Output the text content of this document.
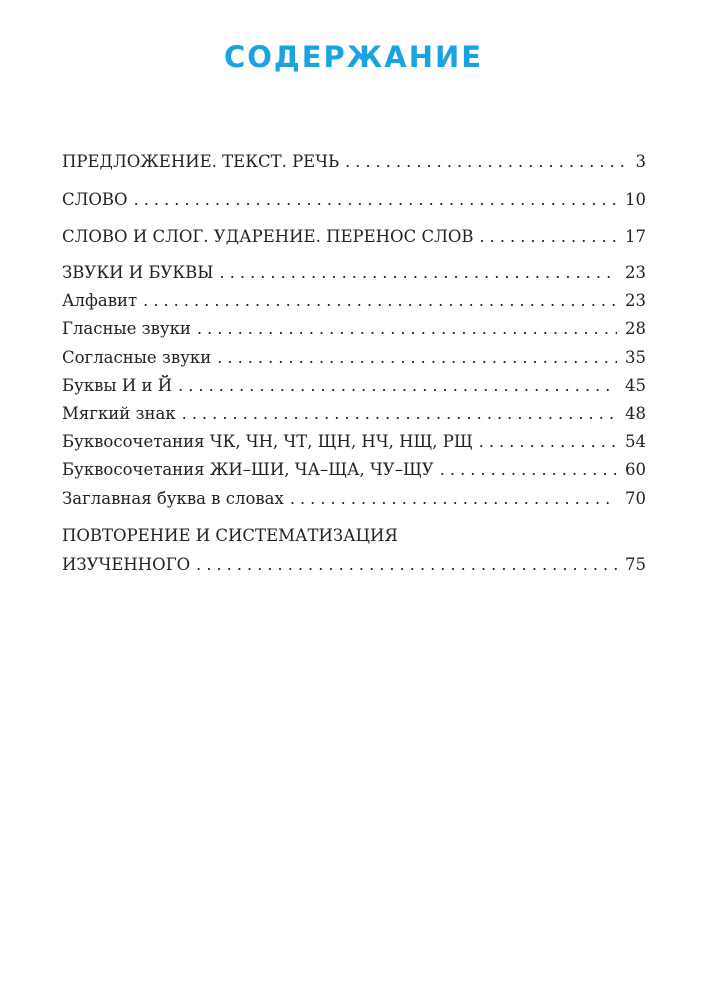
СОДЕРЖАНИЕ
ПРЕДЛОЖЕНИЕ. ТЕКСТ. РЕЧЬ . . .	3
СЛОВО . . .	10
СЛОВО И СЛОГ. УДАРЕНИЕ. ПЕРЕНОС СЛОВ . . .	17
ЗВУКИ И БУКВЫ . . .	23
Алфавит . . .	23
Гласные звуки . . .	28
Согласные звуки . . .	35
Буквы И и Й . . .	45
Мягкий знак . . .	48
Буквосочетания ЧК, ЧН, ЧТ, ЩН, НЧ, НЩ, РЩ . . .	54
Буквосочетания ЖИ–ШИ, ЧА–ЩА, ЧУ–ЩУ . . .	60
Заглавная буква в словах . . .	70
ПОВТОРЕНИЕ И СИСТЕМАТИЗАЦИЯ
ИЗУЧЕННОГО . . .	75
